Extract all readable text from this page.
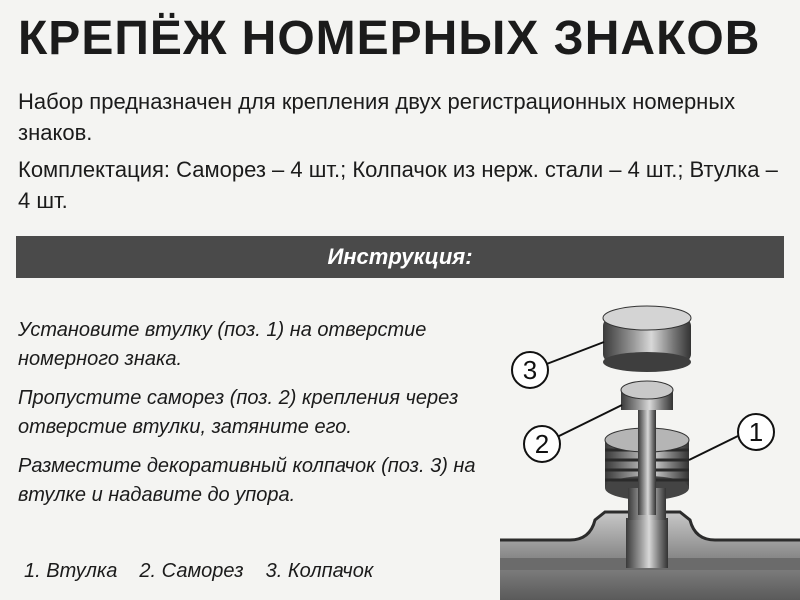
КРЕПЁЖ НОМЕРНЫХ ЗНАКОВ
Набор предназначен для крепления двух регистрационных номерных знаков.
Комплектация: Саморез – 4 шт.; Колпачок из нерж. стали – 4 шт.; Втулка – 4 шт.
Инструкция:
Установите втулку (поз. 1) на отверстие номерного знака.
Пропустите саморез (поз. 2) крепления через отверстие втулки, затяните его.
Разместите декоративный колпачок (поз. 3) на втулке и надавите до упора.
1. Втулка 2. Саморез 3. Колпачок
3
2	1
